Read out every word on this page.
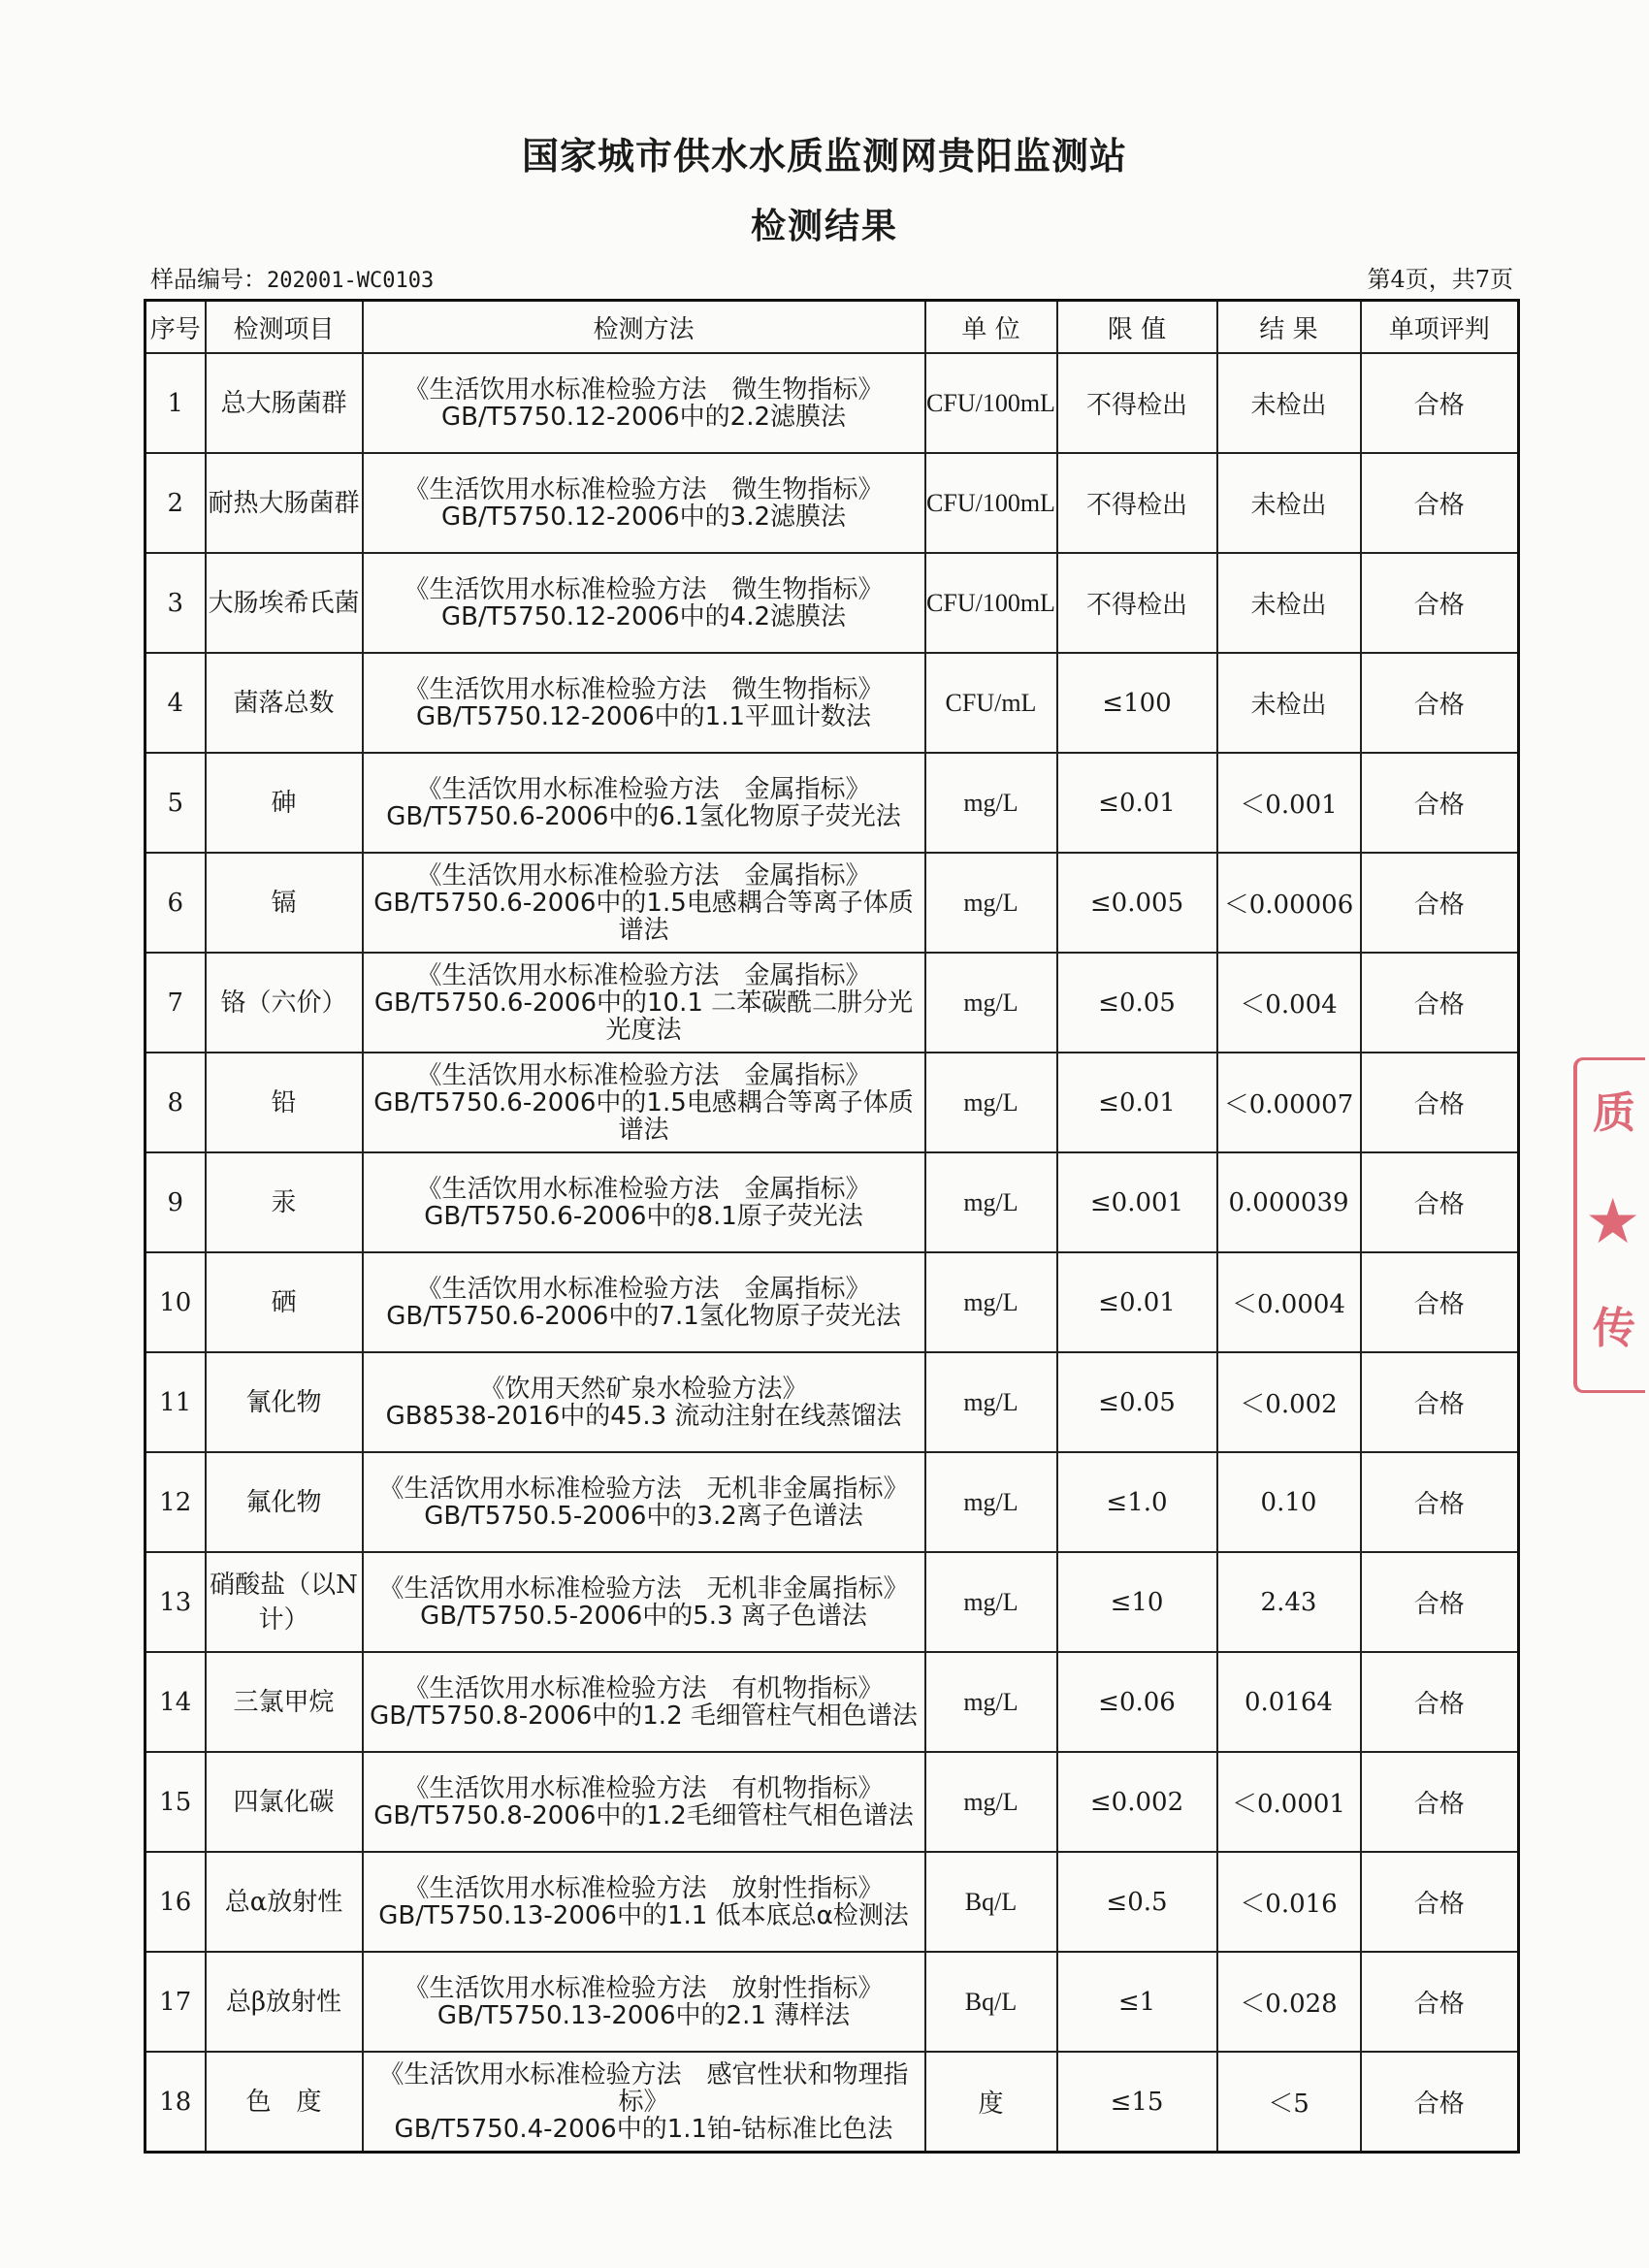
国家城市供水水质监测网贵阳监测站
检测结果
样品编号：202001-WC0103	第4页，共7页
序号	检测项目	检测方法	单 位	限 值	结 果	单项评判
1	总大肠菌群	《生活饮用水标准检验方法　微生物指标》
GB/T5750.12-2006中的2.2滤膜法	CFU/100mL	不得检出	未检出	合格
2	耐热大肠菌群	《生活饮用水标准检验方法　微生物指标》
GB/T5750.12-2006中的3.2滤膜法	CFU/100mL	不得检出	未检出	合格
3	大肠埃希氏菌	《生活饮用水标准检验方法　微生物指标》
GB/T5750.12-2006中的4.2滤膜法	CFU/100mL	不得检出	未检出	合格
4	菌落总数	《生活饮用水标准检验方法　微生物指标》
GB/T5750.12-2006中的1.1平皿计数法	CFU/mL	≤100	未检出	合格
5	砷	《生活饮用水标准检验方法　金属指标》
GB/T5750.6-2006中的6.1氢化物原子荧光法	mg/L	≤0.01	＜0.001	合格
6	镉	《生活饮用水标准检验方法　金属指标》
GB/T5750.6-2006中的1.5电感耦合等离子体质谱法	mg/L	≤0.005	＜0.00006	合格
7	铬（六价）	《生活饮用水标准检验方法　金属指标》
GB/T5750.6-2006中的10.1 二苯碳酰二肼分光光度法	mg/L	≤0.05	＜0.004	合格
8	铅	《生活饮用水标准检验方法　金属指标》
GB/T5750.6-2006中的1.5电感耦合等离子体质谱法	mg/L	≤0.01	＜0.00007	合格
9	汞	《生活饮用水标准检验方法　金属指标》
GB/T5750.6-2006中的8.1原子荧光法	mg/L	≤0.001	0.000039	合格
10	硒	《生活饮用水标准检验方法　金属指标》
GB/T5750.6-2006中的7.1氢化物原子荧光法	mg/L	≤0.01	＜0.0004	合格
11	氰化物	《饮用天然矿泉水检验方法》
GB8538-2016中的45.3 流动注射在线蒸馏法	mg/L	≤0.05	＜0.002	合格
12	氟化物	《生活饮用水标准检验方法　无机非金属指标》
GB/T5750.5-2006中的3.2离子色谱法	mg/L	≤1.0	0.10	合格
13	硝酸盐（以N计）	《生活饮用水标准检验方法　无机非金属指标》
GB/T5750.5-2006中的5.3 离子色谱法	mg/L	≤10	2.43	合格
14	三氯甲烷	《生活饮用水标准检验方法　有机物指标》
GB/T5750.8-2006中的1.2 毛细管柱气相色谱法	mg/L	≤0.06	0.0164	合格
15	四氯化碳	《生活饮用水标准检验方法　有机物指标》
GB/T5750.8-2006中的1.2毛细管柱气相色谱法	mg/L	≤0.002	＜0.0001	合格
16	总α放射性	《生活饮用水标准检验方法　放射性指标》
GB/T5750.13-2006中的1.1 低本底总α检测法	Bq/L	≤0.5	＜0.016	合格
17	总β放射性	《生活饮用水标准检验方法　放射性指标》
GB/T5750.13-2006中的2.1 薄样法	Bq/L	≤1	＜0.028	合格
18	色　度	《生活饮用水标准检验方法　感官性状和物理指标》
GB/T5750.4-2006中的1.1铂-钴标准比色法	度	≤15	＜5	合格
质
★
传
